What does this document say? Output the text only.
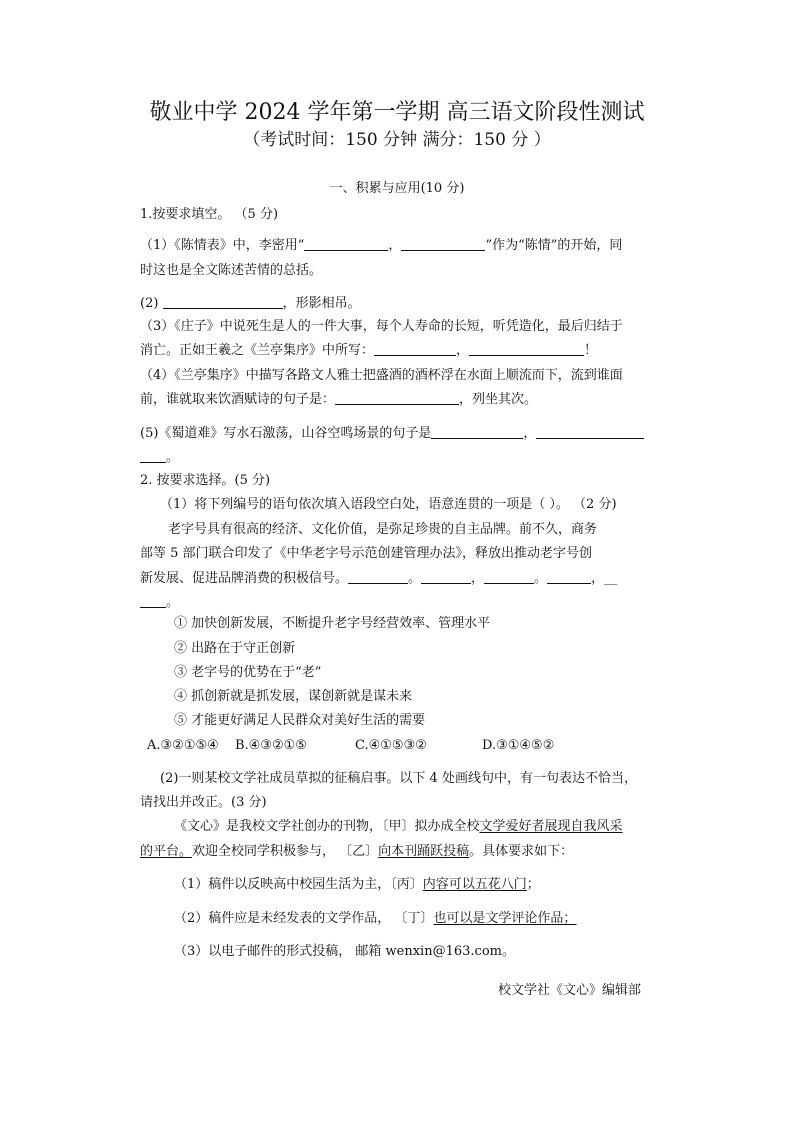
敬业中学 2024 学年第一学期 高三语文阶段性测试
（考试时间：150 分钟 满分：150 分 ）
一、积累与应用(10 分)
1.按要求填空。 （5 分)
（1）《陈情表》中，李密用“	，	”作为“陈情”的开始，同
时这也是全文陈述苦情的总括。
(2)	，形影相吊。
（3）《庄子》中说死生是人的一件大事，每个人寿命的长短，听凭造化，最后归结于
消亡。正如王羲之《兰亭集序》中所写：	，	！
（4）《兰亭集序》中描写各路文人雅士把盛酒的酒杯浮在水面上顺流而下，流到谁面
前，谁就取来饮酒赋诗的句子是：	，列坐其次。
(5)《蜀道难》写水石激荡，山谷空鸣场景的句子是	，
。
2. 按要求选择。(5 分)
（1）将下列编号的语句依次填入语段空白处，语意连贯的一项是（ ）。 （2 分)
老字号具有很高的经济、文化价值，是弥足珍贵的自主品牌。前不久，商务
部等 5 部门联合印发了《中华老字号示范创建管理办法》，释放出推动老字号创
新发展、促进品牌消费的积极信号。	。	，	。	，__
。
① 加快创新发展，不断提升老字号经营效率、管理水平
② 出路在于守正创新
③ 老字号的优势在于“老”
④ 抓创新就是抓发展，谋创新就是谋未来
⑤ 才能更好满足人民群众对美好生活的需要
A.③②①⑤④ B.④③②①⑤	C.④①⑤③②	D.③①④⑤②
(2)一则某校文学社成员草拟的征稿启事。以下 4 处画线句中，有一句表达不恰当，
请找出并改正。(3 分)
《文心》是我校文学社创办的刊物，〔甲〕拟办成全校文学爱好者展现自我风采
的平台。欢迎全校同学积极参与， 〔乙〕向本刊踊跃投稿。具体要求如下：
（1）稿件以反映高中校园生活为主，〔丙〕内容可以五花八门；
（2）稿件应是未经发表的文学作品， 〔丁〕也可以是文学评论作品；
（3）以电子邮件的形式投稿， 邮箱 wenxin@163.com。
校文学社《文心》编辑部
